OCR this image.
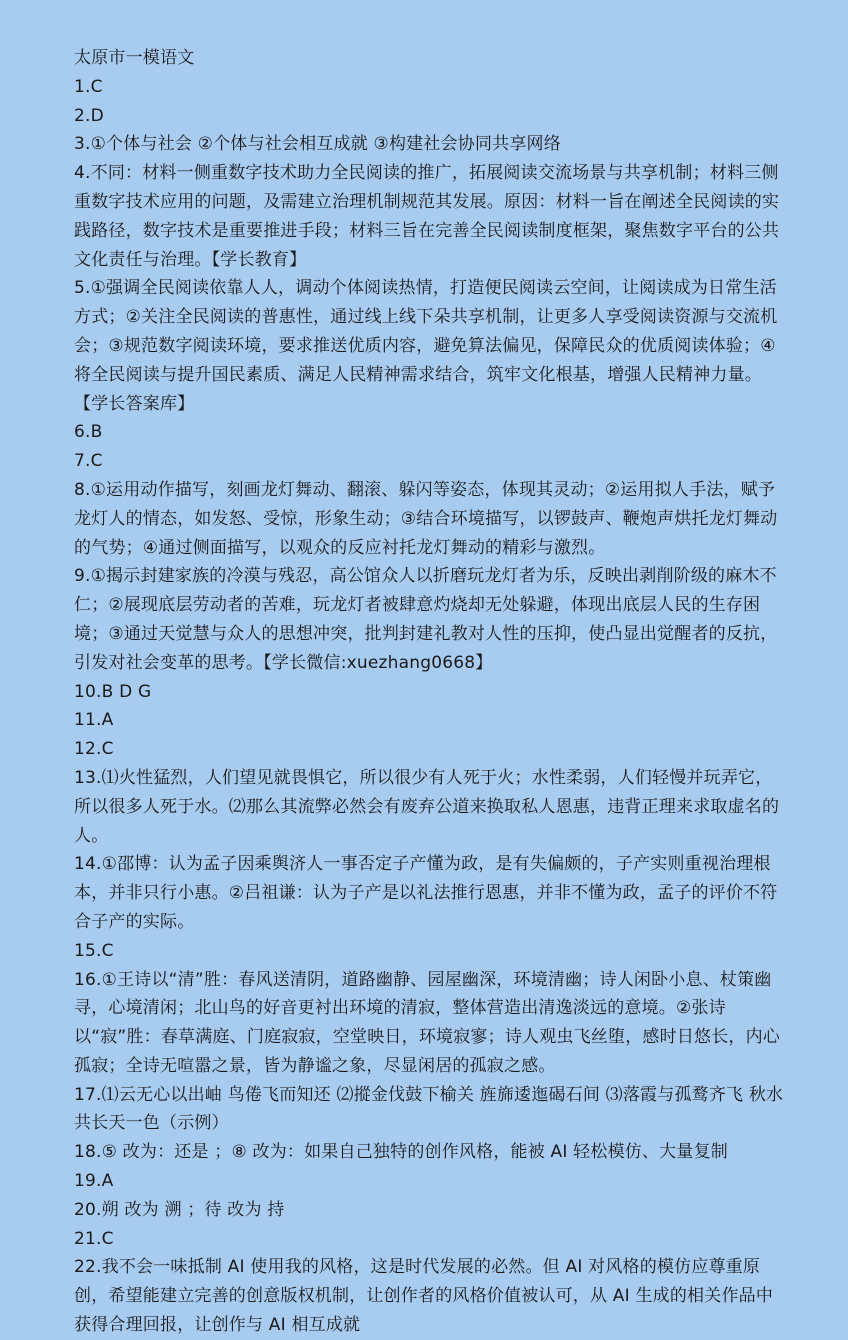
太原市一模语文
1.C
2.D
3.①个体与社会 ②个体与社会相互成就 ③构建社会协同共享网络
4.不同：材料一侧重数字技术助力全民阅读的推广，拓展阅读交流场景与共享机制；材料三侧重数字技术应用的问题，及需建立治理机制规范其发展。原因：材料一旨在阐述全民阅读的实践路径，数字技术是重要推进手段；材料三旨在完善全民阅读制度框架，聚焦数字平台的公共文化责任与治理。【学长教育】
5.①强调全民阅读依靠人人，调动个体阅读热情，打造便民阅读云空间，让阅读成为日常生活方式；②关注全民阅读的普惠性，通过线上线下朵共享机制，让更多人享受阅读资源与交流机会；③规范数字阅读环境，要求推送优质内容，避免算法偏见，保障民众的优质阅读体验；④将全民阅读与提升国民素质、满足人民精神需求结合，筑牢文化根基，增强人民精神力量。【学长答案库】
6.B
7.C
8.①运用动作描写，刻画龙灯舞动、翻滚、躲闪等姿态，体现其灵动；②运用拟人手法，赋予龙灯人的情态，如发怒、受惊，形象生动；③结合环境描写，以锣鼓声、鞭炮声烘托龙灯舞动的气势；④通过侧面描写，以观众的反应衬托龙灯舞动的精彩与激烈。
9.①揭示封建家族的冷漠与残忍，高公馆众人以折磨玩龙灯者为乐，反映出剥削阶级的麻木不仁；②展现底层劳动者的苦难，玩龙灯者被肆意灼烧却无处躲避，体现出底层人民的生存困境；③通过天觉慧与众人的思想冲突，批判封建礼教对人性的压抑，使凸显出觉醒者的反抗，引发对社会变革的思考。【学长微信:xuezhang0668】
10.B D G
11.A
12.C
13.⑴火性猛烈，人们望见就畏惧它，所以很少有人死于火；水性柔弱，人们轻慢并玩弄它，所以很多人死于水。⑵那么其流弊必然会有废弃公道来换取私人恩惠，违背正理来求取虚名的人。
14.①邵博：认为孟子因乘舆济人一事否定子产懂为政，是有失偏颇的，子产实则重视治理根本，并非只行小惠。②吕祖谦：认为子产是以礼法推行恩惠，并非不懂为政，孟子的评价不符合子产的实际。
15.C
16.①王诗以“清”胜：春风送清阴，道路幽静、园屋幽深，环境清幽；诗人闲卧小息、杖策幽寻，心境清闲；北山鸟的好音更衬出环境的清寂，整体营造出清逸淡远的意境。②张诗以“寂”胜：春草满庭、门庭寂寂，空堂映日，环境寂寥；诗人观虫飞丝堕，感时日悠长，内心孤寂；全诗无喧嚣之景，皆为静谧之象，尽显闲居的孤寂之感。
17.⑴云无心以出岫 鸟倦飞而知还 ⑵摐金伐鼓下榆关 旌旆逶迤碣石间 ⑶落霞与孤鹜齐飞 秋水共长天一色（示例）
18.⑤ 改为：还是 ；⑧ 改为：如果自己独特的创作风格，能被 AI 轻松模仿、大量复制
19.A
20.朔 改为 溯 ；待 改为 持
21.C
22.我不会一味抵制 AI 使用我的风格，这是时代发展的必然。但 AI 对风格的模仿应尊重原创，希望能建立完善的创意版权机制，让创作者的风格价值被认可，从 AI 生成的相关作品中获得合理回报，让创作与 AI 相互成就
